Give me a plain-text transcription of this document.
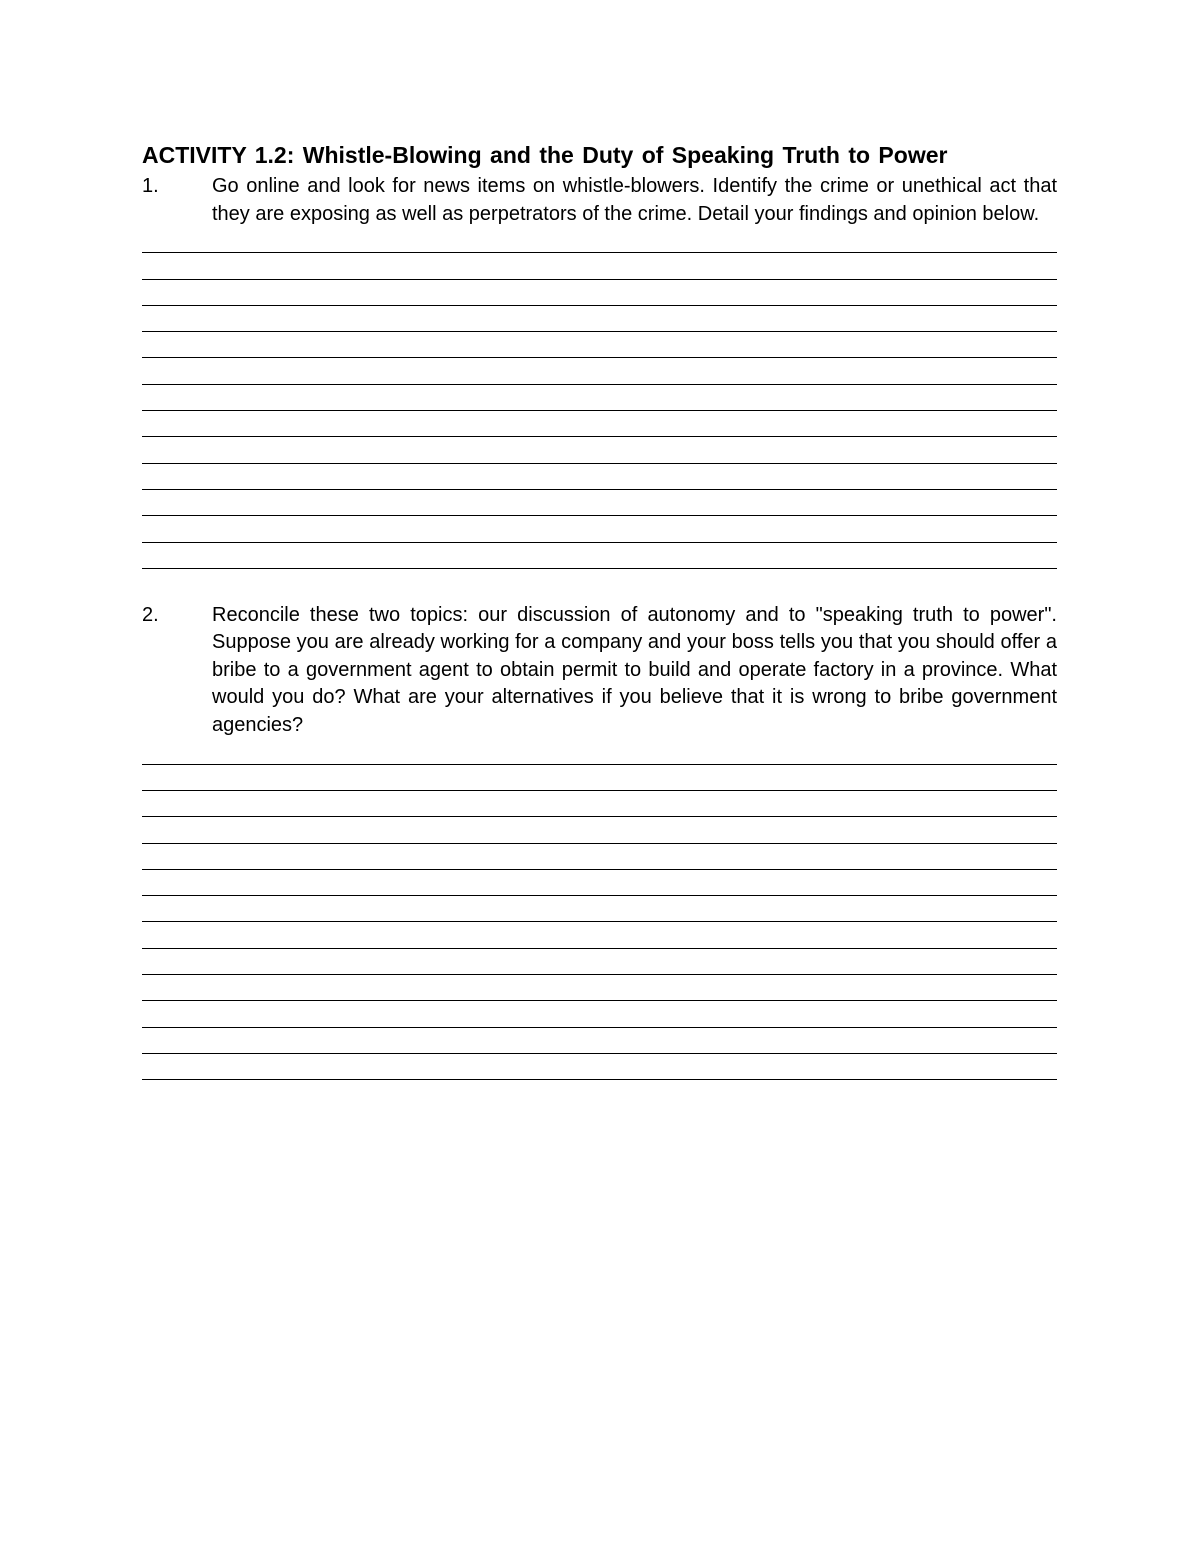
ACTIVITY 1.2: Whistle-Blowing and the Duty of Speaking Truth to Power
1.	Go online and look for news items on whistle-blowers. Identify the crime or unethical act that they are exposing as well as perpetrators of the crime. Detail your findings and opinion below.
2.	Reconcile these two topics: our discussion of autonomy and to "speaking truth to power". Suppose you are already working for a company and your boss tells you that you should offer a bribe to a government agent to obtain permit to build and operate factory in a province. What would you do? What are your alternatives if you believe that it is wrong to bribe government agencies?
